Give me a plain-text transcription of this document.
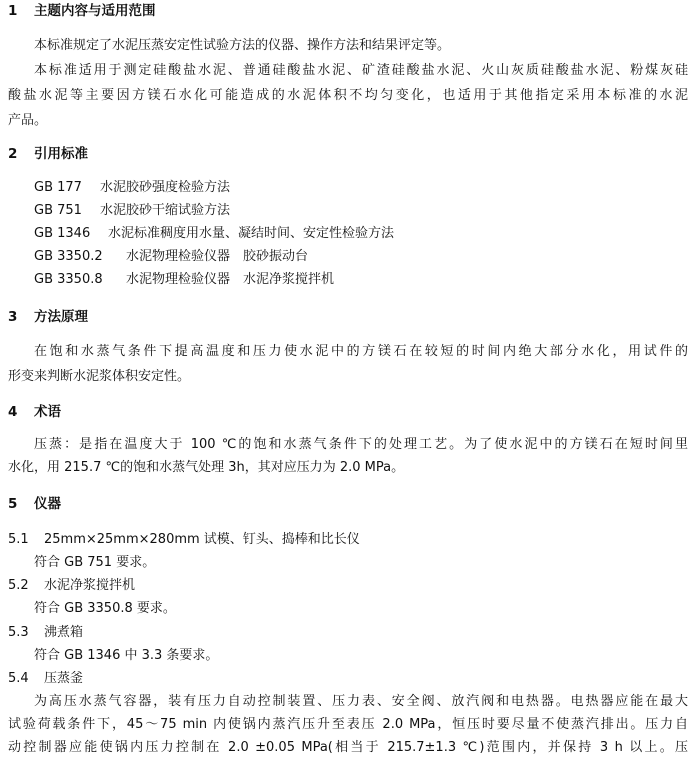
1 主题内容与适用范围
本标准规定了水泥压蒸安定性试验方法的仪器、操作方法和结果评定等。
本标准适用于测定硅酸盐水泥、普通硅酸盐水泥、矿渣硅酸盐水泥、火山灰质硅酸盐水泥、粉煤灰硅
酸盐水泥等主要因方镁石水化可能造成的水泥体积不均匀变化，也适用于其他指定采用本标准的水泥
产品。
2 引用标准
GB 177 水泥胶砂强度检验方法
GB 751 水泥胶砂干缩试验方法
GB 1346 水泥标准稠度用水量、凝结时间、安定性检验方法
GB 3350.2 水泥物理检验仪器　胶砂振动台
GB 3350.8 水泥物理检验仪器　水泥净浆搅拌机
3 方法原理
在饱和水蒸气条件下提高温度和压力使水泥中的方镁石在较短的时间内绝大部分水化，用试件的
形变来判断水泥浆体积安定性。
4 术语
压蒸：是指在温度大于 100 ℃的饱和水蒸气条件下的处理工艺。为了使水泥中的方镁石在短时间里
水化，用 215.7 ℃的饱和水蒸气处理 3h，其对应压力为 2.0 MPa。
5 仪器
5.1 25mm×25mm×280mm 试模、钉头、捣棒和比长仪
符合 GB 751 要求。
5.2 水泥净浆搅拌机
符合 GB 3350.8 要求。
5.3 沸煮箱
符合 GB 1346 中 3.3 条要求。
5.4 压蒸釜
为高压水蒸气容器，装有压力自动控制装置、压力表、安全阀、放汽阀和电热器。电热器应能在最大
试验荷载条件下，45～75 min 内使锅内蒸汽压升至表压 2.0 MPa，恒压时要尽量不使蒸汽排出。压力自
动控制器应能使锅内压力控制在 2.0 ±0.05 MPa(相当于 215.7±1.3 ℃)范围内，并保持 3 h 以上。压
